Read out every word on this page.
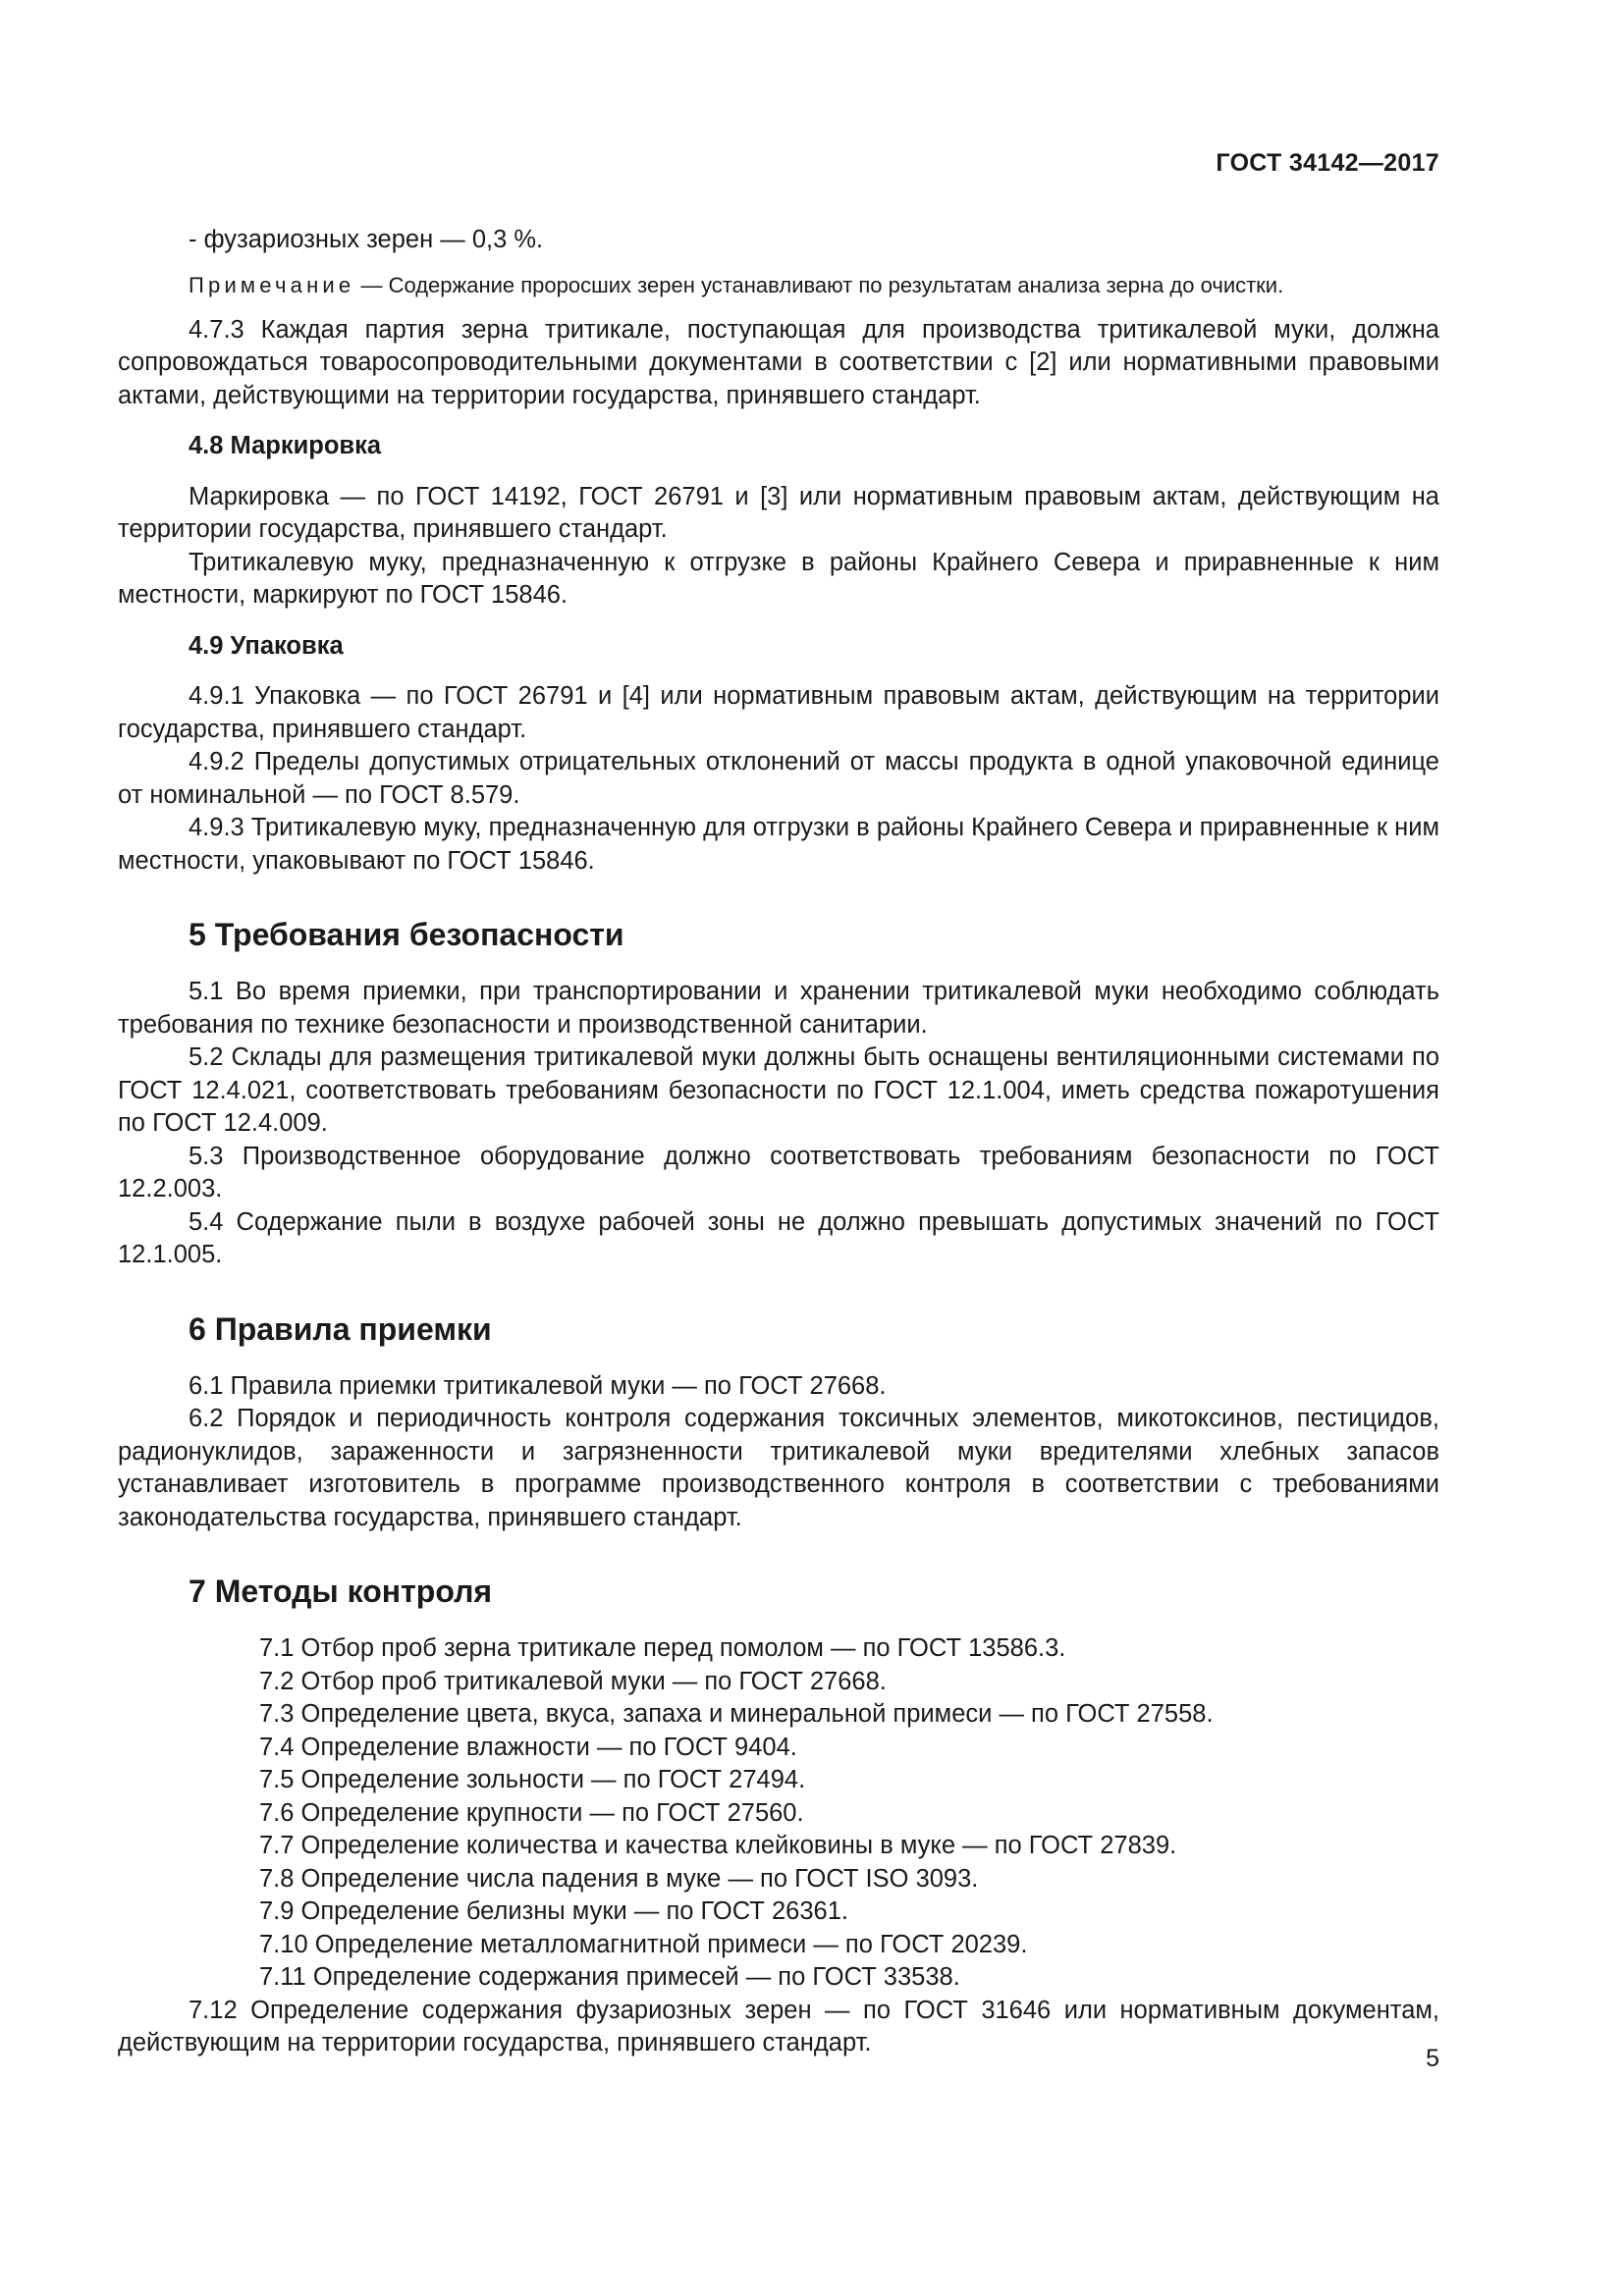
ГОСТ 34142—2017

- фузариозных зерен — 0,3 %.

Примечание — Содержание проросших зерен устанавливают по результатам анализа зерна до очистки.

4.7.3 Каждая партия зерна тритикале, поступающая для производства тритикалевой муки, должна сопровождаться товаросопроводительными документами в соответствии с [2] или нормативными правовыми актами, действующими на территории государства, принявшего стандарт.

4.8 Маркировка

Маркировка — по ГОСТ 14192, ГОСТ 26791 и [3] или нормативным правовым актам, действующим на территории государства, принявшего стандарт.

Тритикалевую муку, предназначенную к отгрузке в районы Крайнего Севера и приравненные к ним местности, маркируют по ГОСТ 15846.

4.9 Упаковка

4.9.1 Упаковка — по ГОСТ 26791 и [4] или нормативным правовым актам, действующим на территории государства, принявшего стандарт.

4.9.2 Пределы допустимых отрицательных отклонений от массы продукта в одной упаковочной единице от номинальной — по ГОСТ 8.579.

4.9.3 Тритикалевую муку, предназначенную для отгрузки в районы Крайнего Севера и приравненные к ним местности, упаковывают по ГОСТ 15846.

5 Требования безопасности

5.1 Во время приемки, при транспортировании и хранении тритикалевой муки необходимо соблюдать требования по технике безопасности и производственной санитарии.

5.2 Склады для размещения тритикалевой муки должны быть оснащены вентиляционными системами по ГОСТ 12.4.021, соответствовать требованиям безопасности по ГОСТ 12.1.004, иметь средства пожаротушения по ГОСТ 12.4.009.

5.3 Производственное оборудование должно соответствовать требованиям безопасности по ГОСТ 12.2.003.

5.4 Содержание пыли в воздухе рабочей зоны не должно превышать допустимых значений по ГОСТ 12.1.005.

6 Правила приемки

6.1 Правила приемки тритикалевой муки — по ГОСТ 27668.

6.2 Порядок и периодичность контроля содержания токсичных элементов, микотоксинов, пестицидов, радионуклидов, зараженности и загрязненности тритикалевой муки вредителями хлебных запасов устанавливает изготовитель в программе производственного контроля в соответствии с требованиями законодательства государства, принявшего стандарт.

7 Методы контроля

7.1 Отбор проб зерна тритикале перед помолом — по ГОСТ 13586.3.

7.2 Отбор проб тритикалевой муки — по ГОСТ 27668.

7.3 Определение цвета, вкуса, запаха и минеральной примеси — по ГОСТ 27558.

7.4 Определение влажности — по ГОСТ 9404.

7.5 Определение зольности — по ГОСТ 27494.

7.6 Определение крупности — по ГОСТ 27560.

7.7 Определение количества и качества клейковины в муке — по ГОСТ 27839.

7.8 Определение числа падения в муке — по ГОСТ ISO 3093.

7.9 Определение белизны муки — по ГОСТ 26361.

7.10 Определение металломагнитной примеси — по ГОСТ 20239.

7.11 Определение содержания примесей — по ГОСТ 33538.

7.12 Определение содержания фузариозных зерен — по ГОСТ 31646 или нормативным документам, действующим на территории государства, принявшего стандарт.

5
